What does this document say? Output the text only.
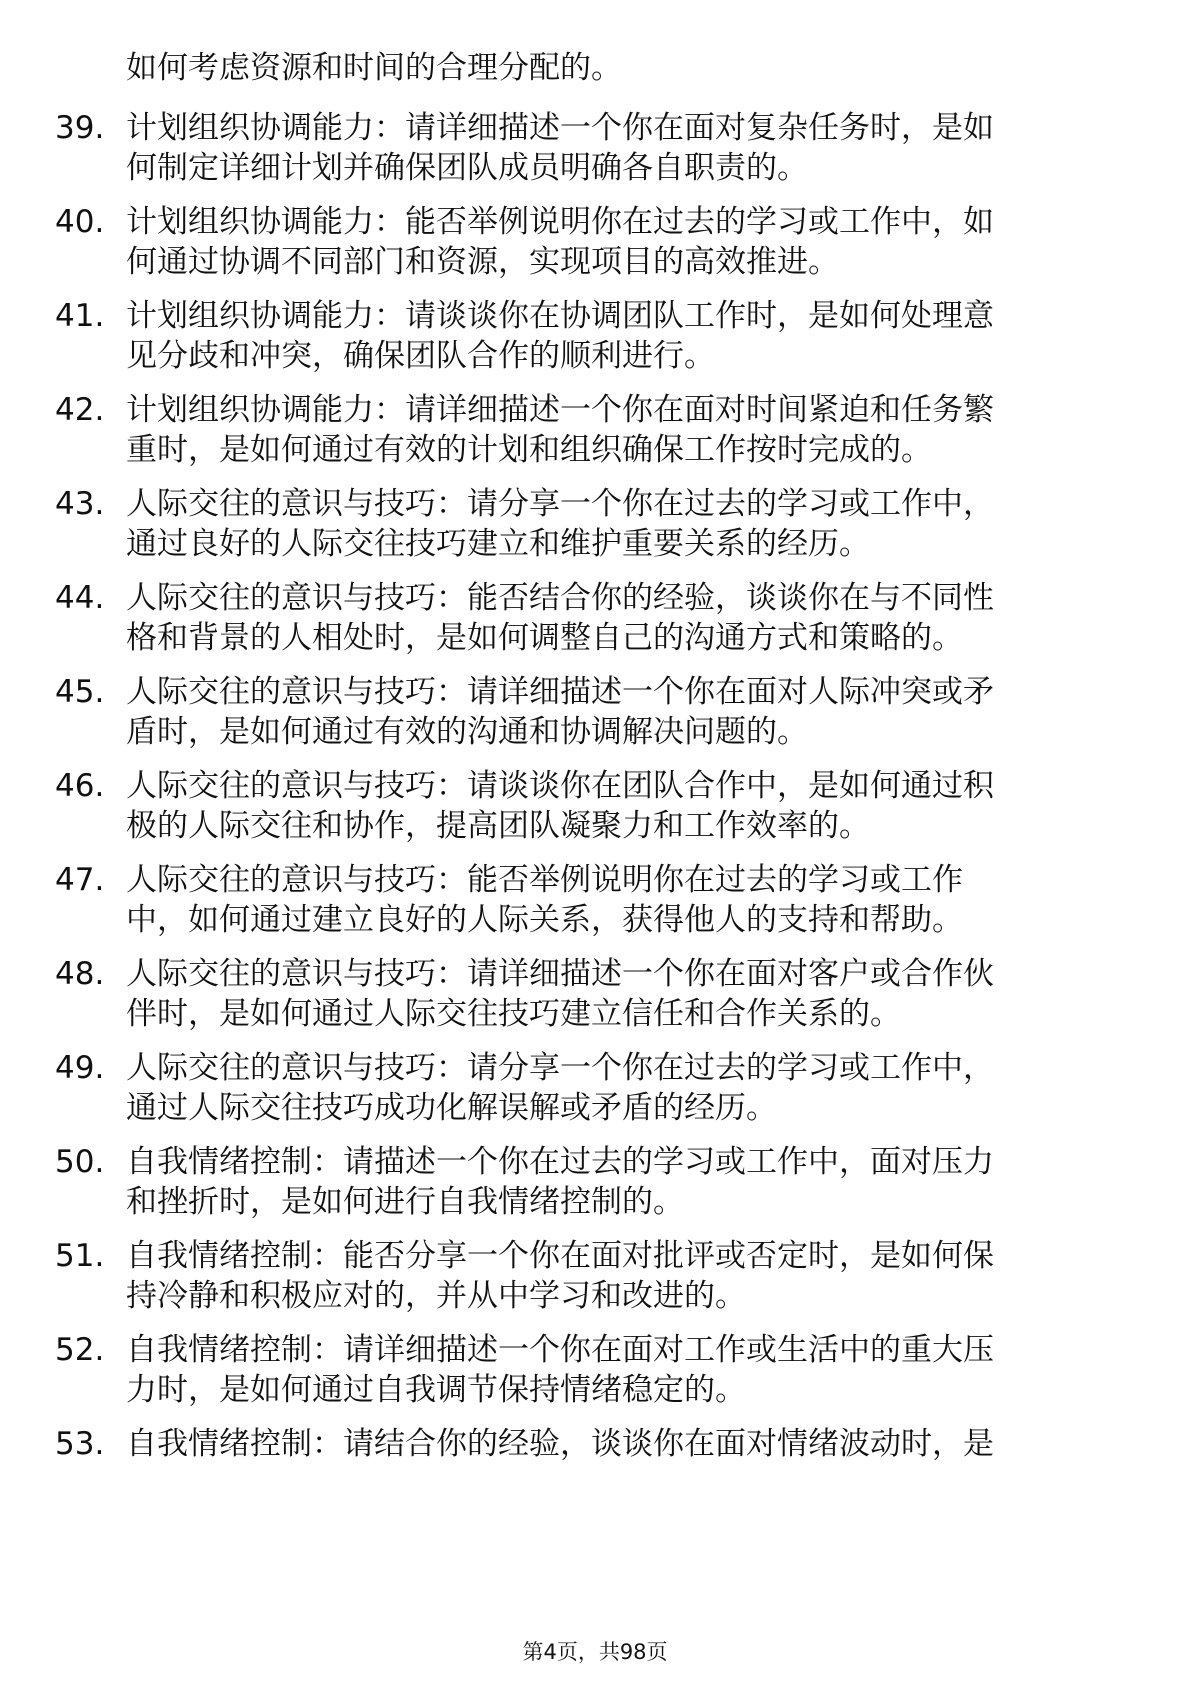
如何考虑资源和时间的合理分配的。
39. 计划组织协调能力：请详细描述一个你在面对复杂任务时，是如
何制定详细计划并确保团队成员明确各自职责的。
40. 计划组织协调能力：能否举例说明你在过去的学习或工作中，如
何通过协调不同部门和资源，实现项目的高效推进。
41. 计划组织协调能力：请谈谈你在协调团队工作时，是如何处理意
见分歧和冲突，确保团队合作的顺利进行。
42. 计划组织协调能力：请详细描述一个你在面对时间紧迫和任务繁
重时，是如何通过有效的计划和组织确保工作按时完成的。
43. 人际交往的意识与技巧：请分享一个你在过去的学习或工作中，
通过良好的人际交往技巧建立和维护重要关系的经历。
44. 人际交往的意识与技巧：能否结合你的经验，谈谈你在与不同性
格和背景的人相处时，是如何调整自己的沟通方式和策略的。
45. 人际交往的意识与技巧：请详细描述一个你在面对人际冲突或矛
盾时，是如何通过有效的沟通和协调解决问题的。
46. 人际交往的意识与技巧：请谈谈你在团队合作中，是如何通过积
极的人际交往和协作，提高团队凝聚力和工作效率的。
47. 人际交往的意识与技巧：能否举例说明你在过去的学习或工作
中，如何通过建立良好的人际关系，获得他人的支持和帮助。
48. 人际交往的意识与技巧：请详细描述一个你在面对客户或合作伙
伴时，是如何通过人际交往技巧建立信任和合作关系的。
49. 人际交往的意识与技巧：请分享一个你在过去的学习或工作中，
通过人际交往技巧成功化解误解或矛盾的经历。
50. 自我情绪控制：请描述一个你在过去的学习或工作中，面对压力
和挫折时，是如何进行自我情绪控制的。
51. 自我情绪控制：能否分享一个你在面对批评或否定时，是如何保
持冷静和积极应对的，并从中学习和改进的。
52. 自我情绪控制：请详细描述一个你在面对工作或生活中的重大压
力时，是如何通过自我调节保持情绪稳定的。
53. 自我情绪控制：请结合你的经验，谈谈你在面对情绪波动时，是
第4页，共98页
